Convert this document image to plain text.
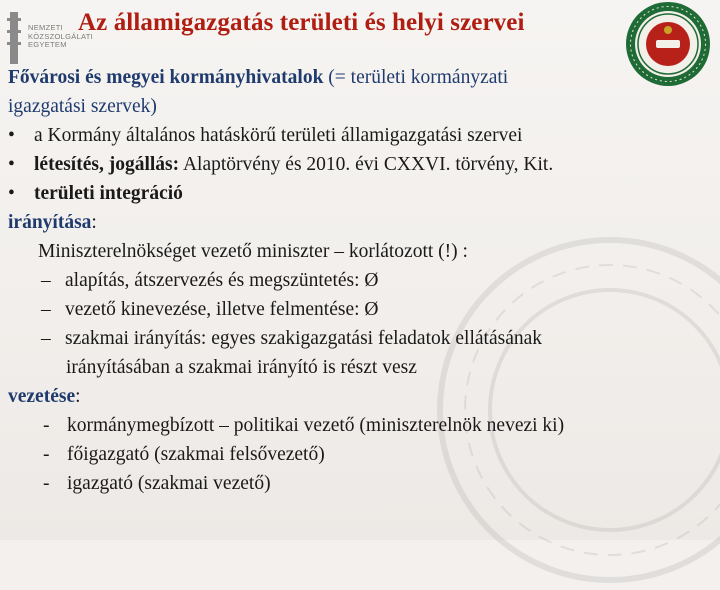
NEMZETI
KÖZSZOLGÁLATI
EGYETEM
Az államigazgatás területi és helyi szervei
Fővárosi és megyei kormányhivatalok (= területi kormányzati
igazgatási szervek)
• a Kormány általános hatáskörű területi államigazgatási szervei
• létesítés, jogállás: Alaptörvény és 2010. évi CXXVI. törvény, Kit.
• területi integráció
irányítása:
Miniszterelnökséget vezető miniszter – korlátozott (!) :
– alapítás, átszervezés és megszüntetés: Ø
– vezető kinevezése, illetve felmentése: Ø
– szakmai irányítás: egyes szakigazgatási feladatok ellátásának
irányításában a szakmai irányító is részt vesz
vezetése:
- kormánymegbízott – politikai vezető (miniszterelnök nevezi ki)
- főigazgató (szakmai felsővezető)
- igazgató (szakmai vezető)
